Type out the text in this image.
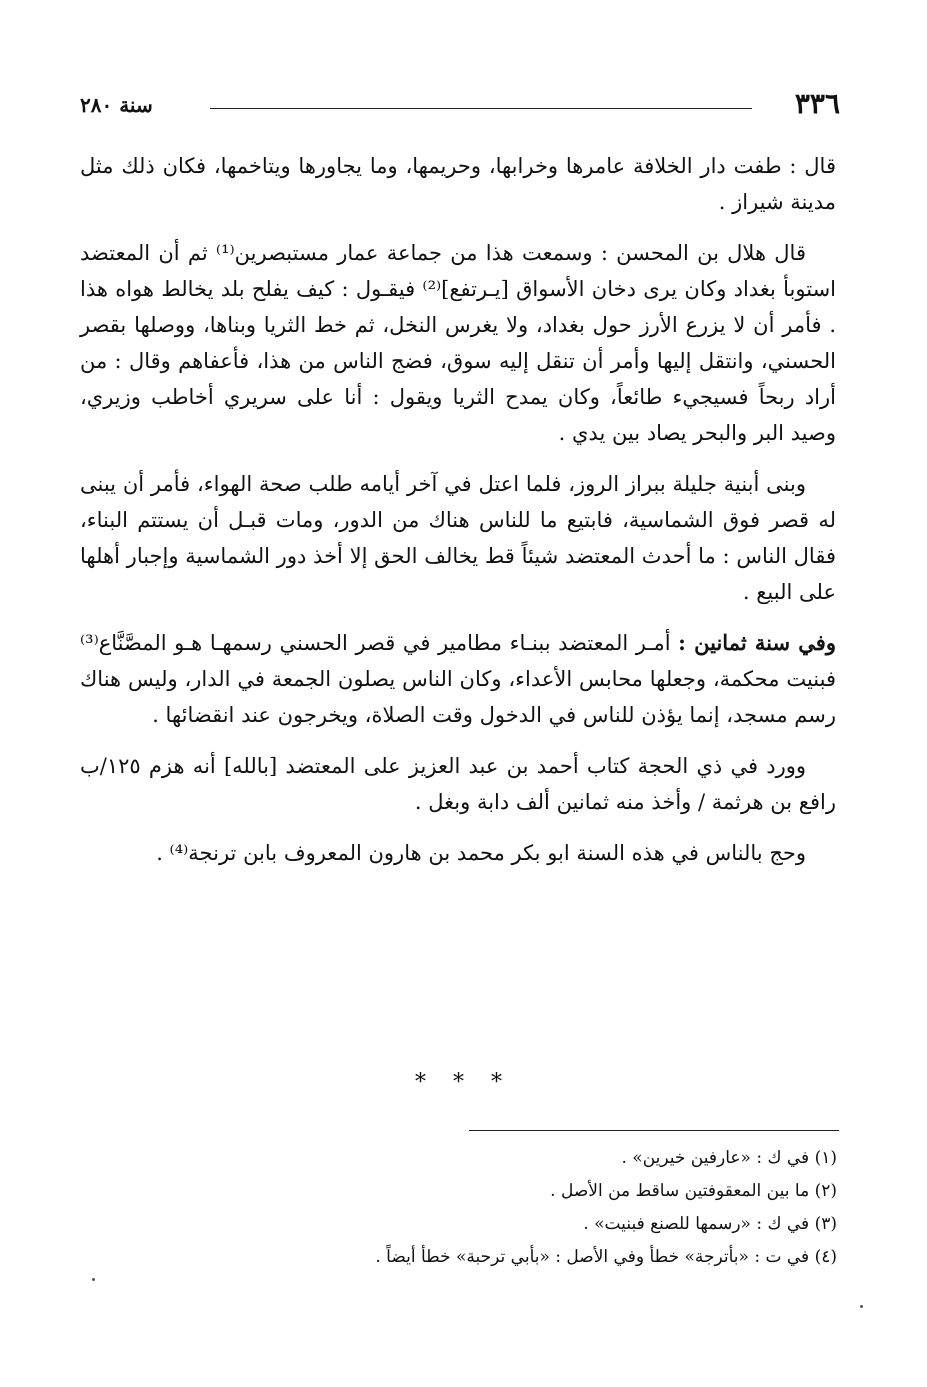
٣٣٦
سنة ٢٨٠

قال : طفت دار الخلافة عامرها وخرابها، وحريمها، وما يجاورها ويتاخمها، فكان ذلك مثل مدينة شيراز .

قال هلال بن المحسن : وسمعت هذا من جماعة عمار مستبصرين⁽¹⁾ ثم أن المعتضد استوبأ بغداد وكان يرى دخان الأسواق [يـرتفع]⁽²⁾ فيقـول : كيف يفلح بلد يخالط هواه هذا . فأمر أن لا يزرع الأرز حول بغداد، ولا يغرس النخل، ثم خط الثريا وبناها، ووصلها بقصر الحسني، وانتقل إليها وأمر أن تنقل إليه سوق، فضج الناس من هذا، فأعفاهم وقال : من أراد ربحاً فسيجيء طائعاً، وكان يمدح الثريا ويقول : أنا على سريري أخاطب وزيري، وصيد البر والبحر يصاد بين يدي .

وبنى أبنية جليلة ببراز الروز، فلما اعتل في آخر أيامه طلب صحة الهواء، فأمر أن يبنى له قصر فوق الشماسية، فابتيع ما للناس هناك من الدور، ومات قبـل أن يستتم البناء، فقال الناس : ما أحدث المعتضد شيئاً قط يخالف الحق إلا أخذ دور الشماسية وإجبار أهلها على البيع .

وفي سنة ثمانين : أمـر المعتضد ببنـاء مطامير في قصر الحسني رسمهـا هـو المصَّنَّاع⁽³⁾ فبنيت محكمة، وجعلها محابس الأعداء، وكان الناس يصلون الجمعة في الدار، وليس هناك رسم مسجد، إنما يؤذن للناس في الدخول وقت الصلاة، ويخرجون عند انقضائها .

وورد في ذي الحجة كتاب أحمد بن عبد العزيز على المعتضد [بالله] أنه هزم ١٢٥/ب رافع بن هرثمة / وأخذ منه ثمانين ألف دابة وبغل .

وحج بالناس في هذه السنة ابو بكر محمد بن هارون المعروف بابن ترنجة⁽⁴⁾ .

* * *

(١) في ك : «عارفين خيرين» .

(٢) ما بين المعقوفتين ساقط من الأصل .

(٣) في ك : «رسمها للصنع فبنيت» .

(٤) في ت : «بأترجة» خطأ وفي الأصل : «بأبي ترحبة» خطأ أيضاً .
